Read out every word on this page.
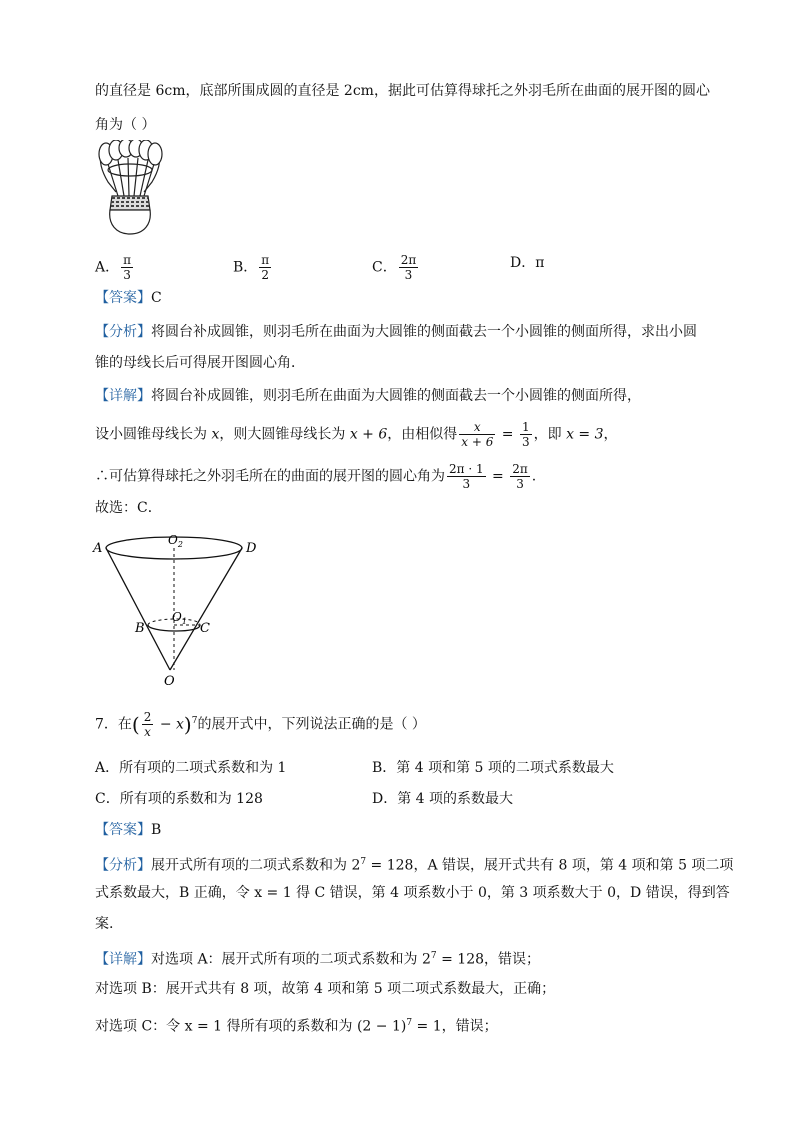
的直径是 6cm，底部所围成圆的直径是 2cm，据此可估算得球托之外羽毛所在曲面的展开图的圆心
角为（ ）
A． $\frac{\pi}{3}$	B． $\frac{\pi}{2}$	C． $\frac{2\pi}{3}$	D．π
【答案】C
【分析】将圆台补成圆锥，则羽毛所在曲面为大圆锥的侧面截去一个小圆锥的侧面所得，求出小圆
锥的母线长后可得展开图圆心角．
【详解】将圆台补成圆锥，则羽毛所在曲面为大圆锥的侧面截去一个小圆锥的侧面所得，
设小圆锥母线长为 x，则大圆锥母线长为 x + 6，由相似得 $\frac{x}{x + 6} = \frac{1}{3}$ ，即 x = 3，
∴可估算得球托之外羽毛所在的曲面的展开图的圆心角为 $\frac{2\pi \cdot 1}{3} = \frac{2\pi}{3}$ .
故选：C．
A	D
$O_2$
$O_1$
B	C
O
7．在( $\frac{2}{x} - x)^7$的展开式中，下列说法正确的是（ ）
A．所有项的二项式系数和为 1	B．第 4 项和第 5 项的二项式系数最大
C．所有项的系数和为 128	D．第 4 项的系数最大
【答案】B
【分析】展开式所有项的二项式系数和为 $2^7 = 128$，A 错误，展开式共有 8 项，第 4 项和第 5 项二项
式系数最大，B 正确，令 x = 1 得 C 错误，第 4 项系数小于 0，第 3 项系数大于 0，D 错误，得到答
案.
【详解】对选项 A：展开式所有项的二项式系数和为 $2^7 = 128$，错误；
对选项 B：展开式共有 8 项，故第 4 项和第 5 项二项式系数最大，正确；
对选项 C：令 x = 1 得所有项的系数和为 $(2 - 1)^7 = 1$，错误；
